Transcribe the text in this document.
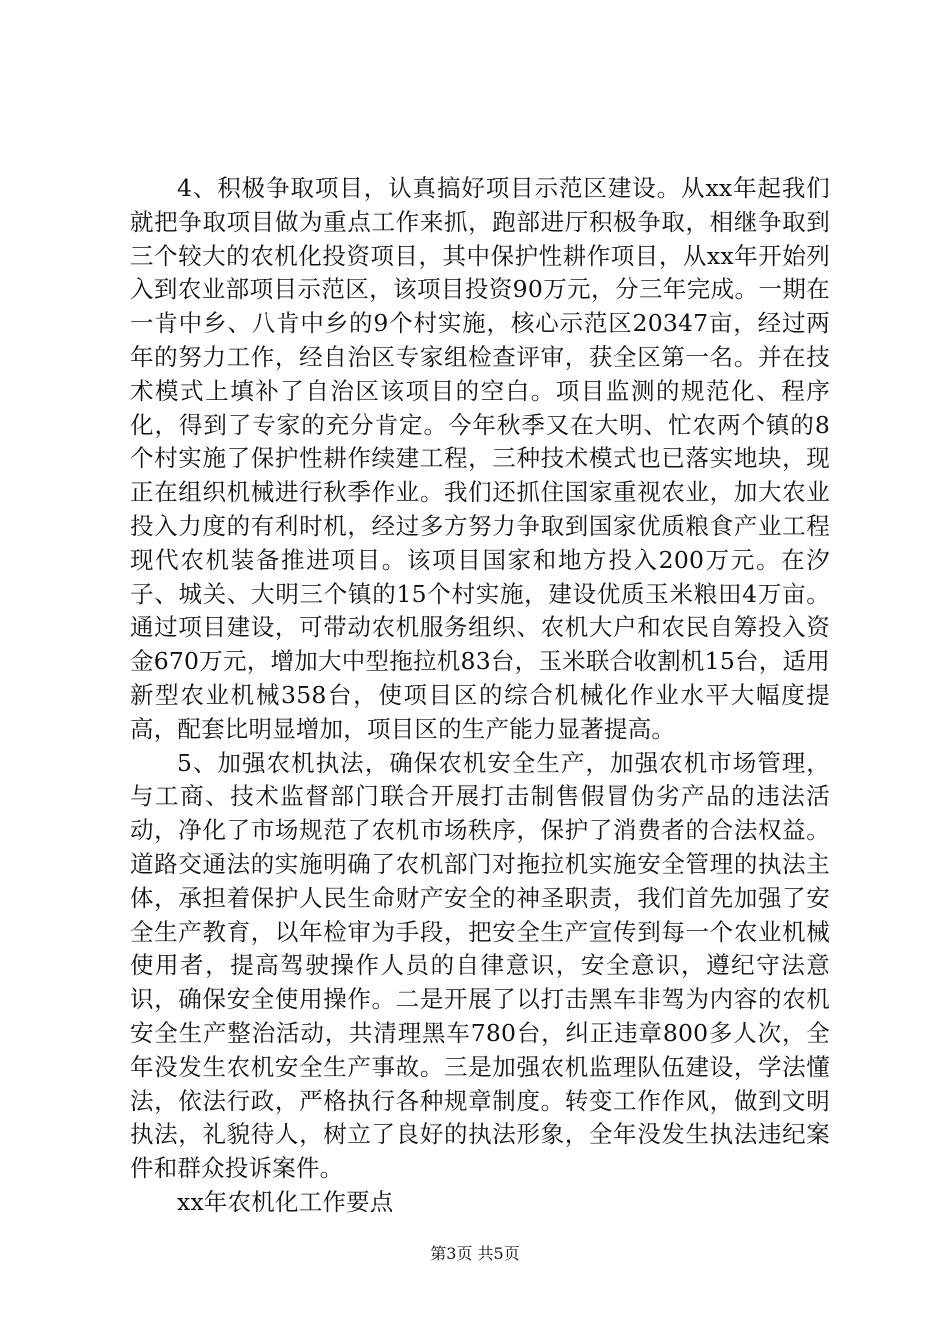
4、积极争取项目，认真搞好项目示范区建设。从xx年起我们就把争取项目做为重点工作来抓，跑部进厅积极争取，相继争取到三个较大的农机化投资项目，其中保护性耕作项目，从xx年开始列入到农业部项目示范区，该项目投资90万元，分三年完成。一期在一肯中乡、八肯中乡的9个村实施，核心示范区20347亩，经过两年的努力工作，经自治区专家组检查评审，获全区第一名。并在技术模式上填补了自治区该项目的空白。项目监测的规范化、程序化，得到了专家的充分肯定。今年秋季又在大明、忙农两个镇的8个村实施了保护性耕作续建工程，三种技术模式也已落实地块，现正在组织机械进行秋季作业。我们还抓住国家重视农业，加大农业投入力度的有利时机，经过多方努力争取到国家优质粮食产业工程现代农机装备推进项目。该项目国家和地方投入200万元。在汐子、城关、大明三个镇的15个村实施，建设优质玉米粮田4万亩。通过项目建设，可带动农机服务组织、农机大户和农民自筹投入资金670万元，增加大中型拖拉机83台，玉米联合收割机15台，适用新型农业机械358台，使项目区的综合机械化作业水平大幅度提高，配套比明显增加，项目区的生产能力显著提高。

5、加强农机执法，确保农机安全生产，加强农机市场管理，与工商、技术监督部门联合开展打击制售假冒伪劣产品的违法活动，净化了市场规范了农机市场秩序，保护了消费者的合法权益。道路交通法的实施明确了农机部门对拖拉机实施安全管理的执法主体，承担着保护人民生命财产安全的神圣职责，我们首先加强了安全生产教育，以年检审为手段，把安全生产宣传到每一个农业机械使用者，提高驾驶操作人员的自律意识，安全意识，遵纪守法意识，确保安全使用操作。二是开展了以打击黑车非驾为内容的农机安全生产整治活动，共清理黑车780台，纠正违章800多人次，全年没发生农机安全生产事故。三是加强农机监理队伍建设，学法懂法，依法行政，严格执行各种规章制度。转变工作作风，做到文明执法，礼貌待人，树立了良好的执法形象，全年没发生执法违纪案件和群众投诉案件。

xx年农机化工作要点

第3页 共5页
